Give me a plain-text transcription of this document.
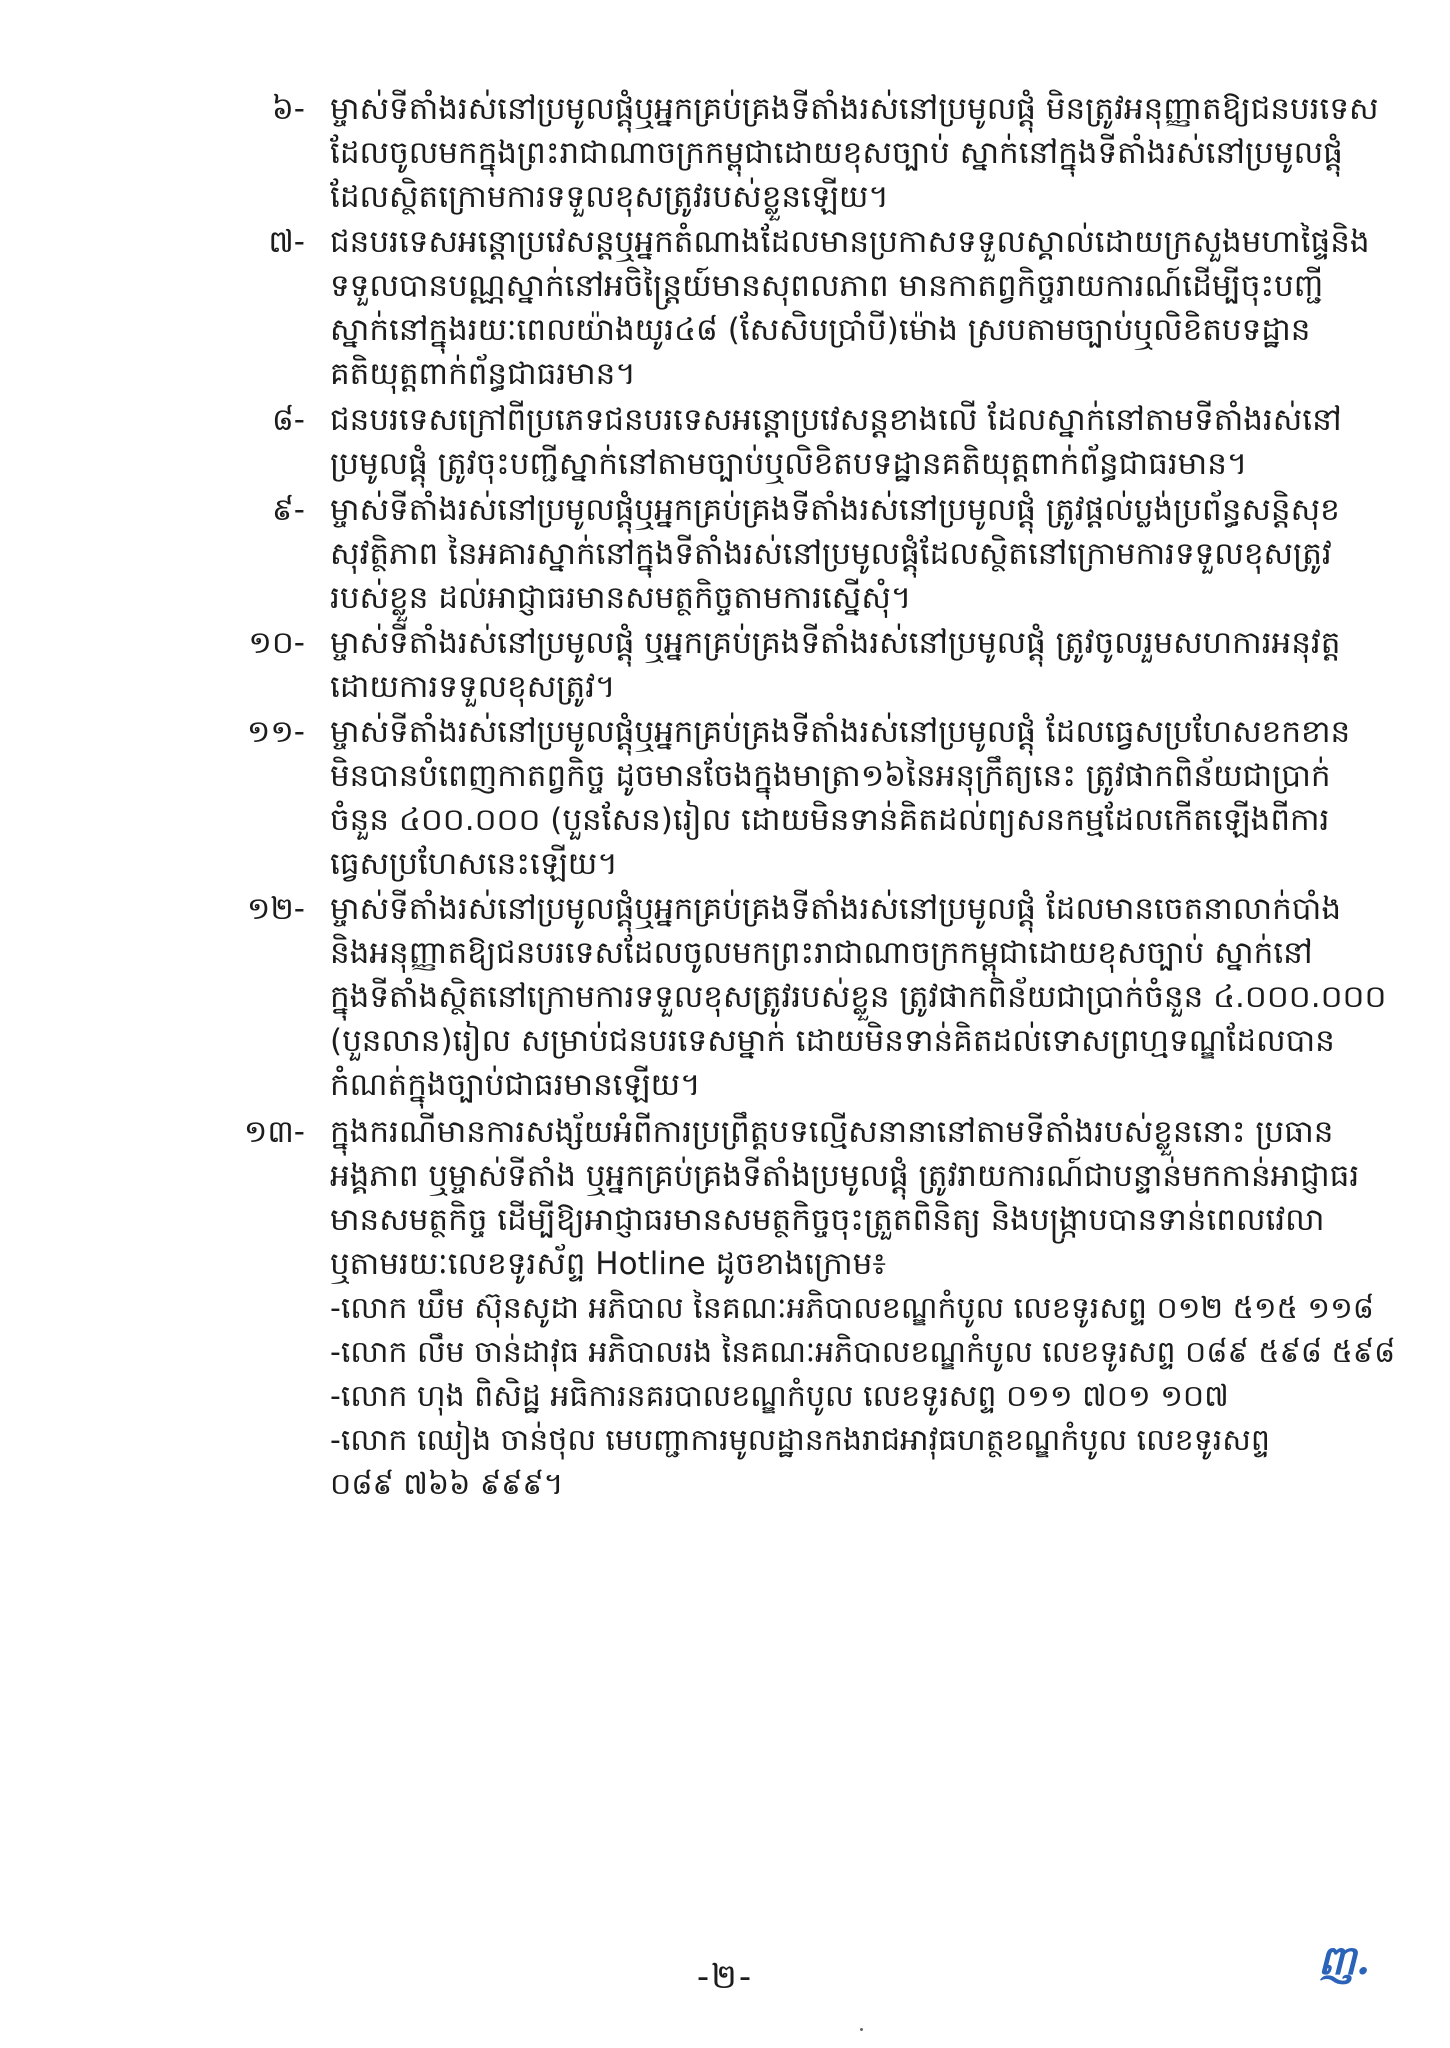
៦- ម្ចាស់ទីតាំងរស់នៅប្រមូលផ្តុំឬអ្នកគ្រប់គ្រងទីតាំងរស់នៅប្រមូលផ្តុំ មិនត្រូវអនុញ្ញាតឱ្យជនបរទេស
ដែលចូលមកក្នុងព្រះរាជាណាចក្រកម្ពុជាដោយខុសច្បាប់ ស្នាក់នៅក្នុងទីតាំងរស់នៅប្រមូលផ្តុំ
ដែលស្ថិតក្រោមការទទួលខុសត្រូវរបស់ខ្លួនឡើយ។
៧- ជនបរទេសអន្តោប្រវេសន្តឬអ្នកតំណាងដែលមានប្រកាសទទួលស្គាល់ដោយក្រសួងមហាផ្ទៃនិង
ទទួលបានបណ្ណស្នាក់នៅអចិន្ត្រៃយ៍មានសុពលភាព មានកាតព្វកិច្ចរាយការណ៍ដើម្បីចុះបញ្ជី
ស្នាក់នៅក្នុងរយៈពេលយ៉ាងយូរ៤៨ (សែសិបប្រាំបី)ម៉ោង ស្របតាមច្បាប់ឬលិខិតបទដ្ឋាន
គតិយុត្តពាក់ព័ន្ធជាធរមាន។
៨- ជនបរទេសក្រៅពីប្រភេទជនបរទេសអន្តោប្រវេសន្តខាងលើ ដែលស្នាក់នៅតាមទីតាំងរស់នៅ
ប្រមូលផ្តុំ ត្រូវចុះបញ្ជីស្នាក់នៅតាមច្បាប់ឬលិខិតបទដ្ឋានគតិយុត្តពាក់ព័ន្ធជាធរមាន។
៩- ម្ចាស់ទីតាំងរស់នៅប្រមូលផ្តុំឬអ្នកគ្រប់គ្រងទីតាំងរស់នៅប្រមូលផ្តុំ ត្រូវផ្តល់ប្លង់ប្រព័ន្ធសន្តិសុខ
សុវត្ថិភាព នៃអគារស្នាក់នៅក្នុងទីតាំងរស់នៅប្រមូលផ្តុំដែលស្ថិតនៅក្រោមការទទួលខុសត្រូវ
របស់ខ្លួន ដល់អាជ្ញាធរមានសមត្ថកិច្ចតាមការស្នើសុំ។
១០- ម្ចាស់ទីតាំងរស់នៅប្រមូលផ្តុំ ឬអ្នកគ្រប់គ្រងទីតាំងរស់នៅប្រមូលផ្តុំ ត្រូវចូលរួមសហការអនុវត្ត
ដោយការទទួលខុសត្រូវ។
១១- ម្ចាស់ទីតាំងរស់នៅប្រមូលផ្តុំឬអ្នកគ្រប់គ្រងទីតាំងរស់នៅប្រមូលផ្តុំ ដែលធ្វេសប្រហែសខកខាន
មិនបានបំពេញកាតព្វកិច្ច ដូចមានចែងក្នុងមាត្រា១៦នៃអនុក្រឹត្យនេះ ត្រូវផាកពិន័យជាប្រាក់
ចំនួន ៤០០.០០០ (បួនសែន)រៀល ដោយមិនទាន់គិតដល់ព្យសនកម្មដែលកើតឡើងពីការ
ធ្វេសប្រហែសនេះឡើយ។
១២- ម្ចាស់ទីតាំងរស់នៅប្រមូលផ្តុំឬអ្នកគ្រប់គ្រងទីតាំងរស់នៅប្រមូលផ្តុំ ដែលមានចេតនាលាក់បាំង
និងអនុញ្ញាតឱ្យជនបរទេសដែលចូលមកព្រះរាជាណាចក្រកម្ពុជាដោយខុសច្បាប់ ស្នាក់នៅ
ក្នុងទីតាំងស្ថិតនៅក្រោមការទទួលខុសត្រូវរបស់ខ្លួន ត្រូវផាកពិន័យជាប្រាក់ចំនួន ៤.០០០.០០០
(បួនលាន)រៀល សម្រាប់ជនបរទេសម្នាក់ ដោយមិនទាន់គិតដល់ទោសព្រហ្មទណ្ឌដែលបាន
កំណត់ក្នុងច្បាប់ជាធរមានឡើយ។
១៣- ក្នុងករណីមានការសង្ស័យអំពីការប្រព្រឹត្តបទល្មើសនានានៅតាមទីតាំងរបស់ខ្លួននោះ ប្រធាន
អង្គភាព ឬម្ចាស់ទីតាំង ឬអ្នកគ្រប់គ្រងទីតាំងប្រមូលផ្តុំ ត្រូវរាយការណ៍ជាបន្ទាន់មកកាន់អាជ្ញាធរ
មានសមត្ថកិច្ច ដើម្បីឱ្យអាជ្ញាធរមានសមត្ថកិច្ចចុះត្រួតពិនិត្យ និងបង្ក្រាបបានទាន់ពេលវេលា
ឬតាមរយៈលេខទូរស័ព្ទ Hotline ដូចខាងក្រោម៖
-លោក ឃឹម ស៊ុនសូដា អភិបាល នៃគណៈអភិបាលខណ្ឌកំបូល លេខទូរសព្ទ ០១២ ៥១៥ ១១៨
-លោក លឹម ចាន់ដាវុធ អភិបាលរង នៃគណៈអភិបាលខណ្ឌកំបូល លេខទូរសព្ទ ០៨៩ ៥៩៨ ៥៩៨
-លោក ហុង ពិសិដ្ឋ អធិការនគរបាលខណ្ឌកំបូល លេខទូរសព្ទ ០១១ ៧០១ ១០៧
-លោក ឈៀង ចាន់ថុល មេបញ្ជាការមូលដ្ឋានកងរាជអាវុធហត្ថខណ្ឌកំបូល លេខទូរសព្ទ
០៨៩ ៧៦៦ ៩៩៩។
-២-	ញ.
